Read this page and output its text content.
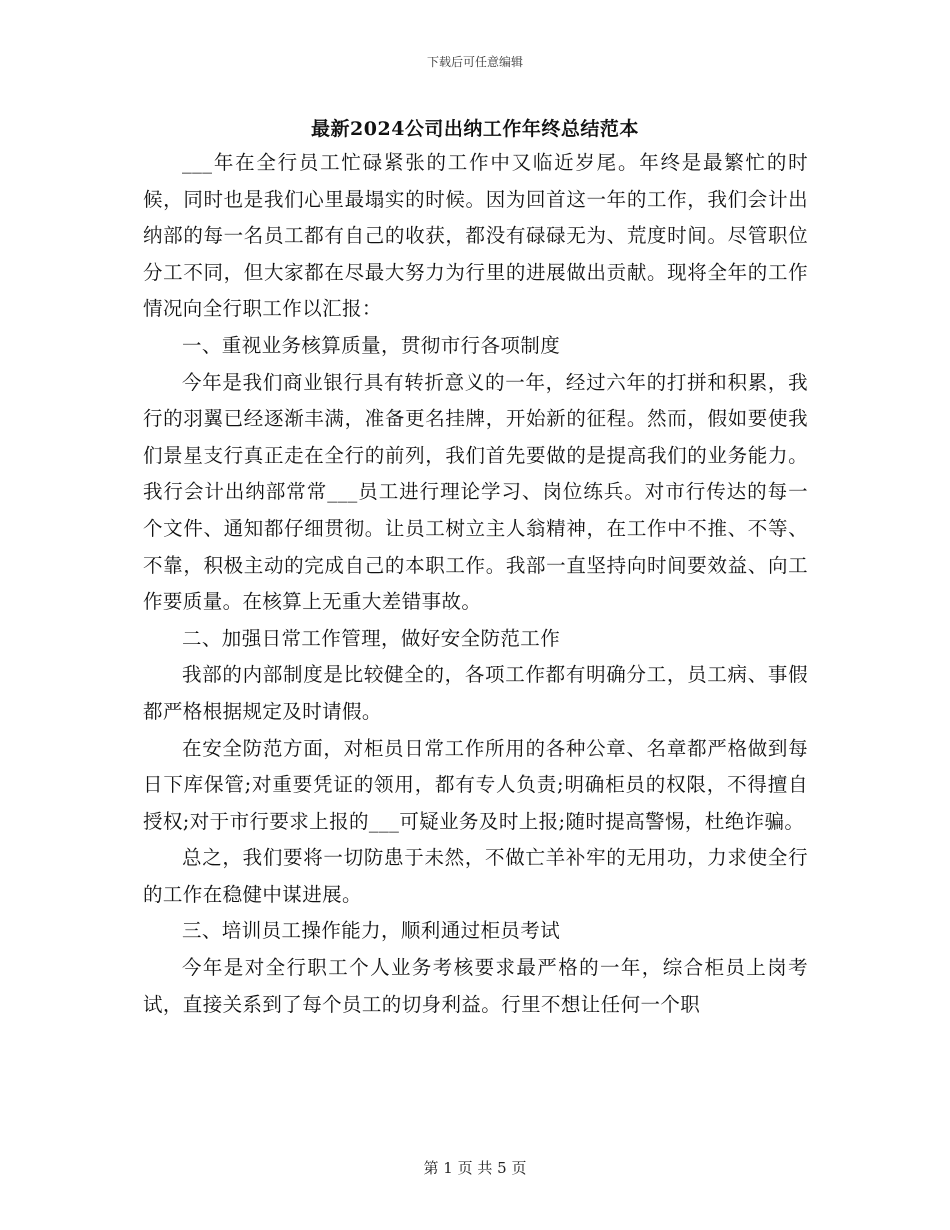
下载后可任意编辑
最新2024公司出纳工作年终总结范本

___年在全行员工忙碌紧张的工作中又临近岁尾。年终是最繁忙的时候，同时也是我们心里最塌实的时候。因为回首这一年的工作，我们会计出纳部的每一名员工都有自己的收获，都没有碌碌无为、荒度时间。尽管职位分工不同，但大家都在尽最大努力为行里的进展做出贡献。现将全年的工作情况向全行职工作以汇报：

一、重视业务核算质量，贯彻市行各项制度

今年是我们商业银行具有转折意义的一年，经过六年的打拼和积累，我行的羽翼已经逐渐丰满，准备更名挂牌，开始新的征程。然而，假如要使我们景星支行真正走在全行的前列，我们首先要做的是提高我们的业务能力。我行会计出纳部常常___员工进行理论学习、岗位练兵。对市行传达的每一个文件、通知都仔细贯彻。让员工树立主人翁精神，在工作中不推、不等、不靠，积极主动的完成自己的本职工作。我部一直坚持向时间要效益、向工作要质量。在核算上无重大差错事故。

二、加强日常工作管理，做好安全防范工作

我部的内部制度是比较健全的，各项工作都有明确分工，员工病、事假都严格根据规定及时请假。

在安全防范方面，对柜员日常工作所用的各种公章、名章都严格做到每日下库保管;对重要凭证的领用，都有专人负责;明确柜员的权限，不得擅自授权;对于市行要求上报的___可疑业务及时上报;随时提高警惕，杜绝诈骗。

总之，我们要将一切防患于未然，不做亡羊补牢的无用功，力求使全行的工作在稳健中谋进展。

三、培训员工操作能力，顺利通过柜员考试

今年是对全行职工个人业务考核要求最严格的一年，综合柜员上岗考试，直接关系到了每个员工的切身利益。行里不想让任何一个职

第 1 页 共 5 页
